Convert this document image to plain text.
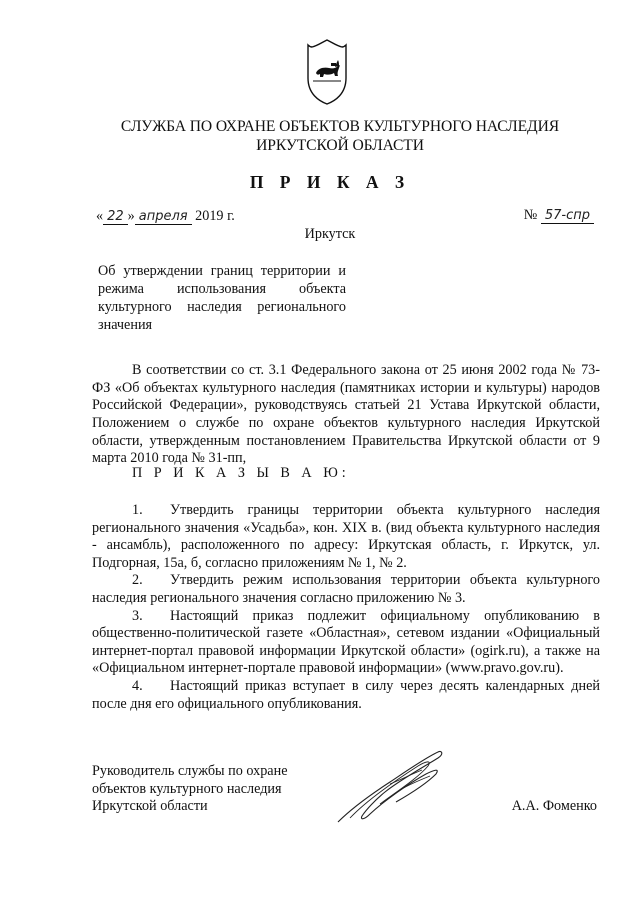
СЛУЖБА ПО ОХРАНЕ ОБЪЕКТОВ КУЛЬТУРНОГО НАСЛЕДИЯ
ИРКУТСКОЙ ОБЛАСТИ
П Р И К А З
« 22 » апреля 2019 г.	№ 57-спр
Иркутск
Об утверждении границ территории и режима использования объекта культурного наследия регионального значения

В соответствии со ст. 3.1 Федерального закона от 25 июня 2002 года № 73-ФЗ «Об объектах культурного наследия (памятниках истории и культуры) народов Российской Федерации», руководствуясь статьей 21 Устава Иркутской области, Положением о службе по охране объектов культурного наследия Иркутской области, утвержденным постановлением Правительства Иркутской области от 9 марта 2010 года № 31-пп,

П Р И К А З Ы В А Ю:

1. Утвердить границы территории объекта культурного наследия регионального значения «Усадьба», кон. XIX в. (вид объекта культурного наследия - ансамбль), расположенного по адресу: Иркутская область, г. Иркутск, ул. Подгорная, 15а, б, согласно приложениям № 1, № 2.

2. Утвердить режим использования территории объекта культурного наследия регионального значения согласно приложению № 3.

3. Настоящий приказ подлежит официальному опубликованию в общественно-политической газете «Областная», сетевом издании «Официальный интернет-портал правовой информации Иркутской области» (ogirk.ru), а также на «Официальном интернет-портале правовой информации» (www.pravo.gov.ru).

4. Настоящий приказ вступает в силу через десять календарных дней после дня его официального опубликования.

Руководитель службы по охране
объектов культурного наследия
Иркутской области	А.А. Фоменко
